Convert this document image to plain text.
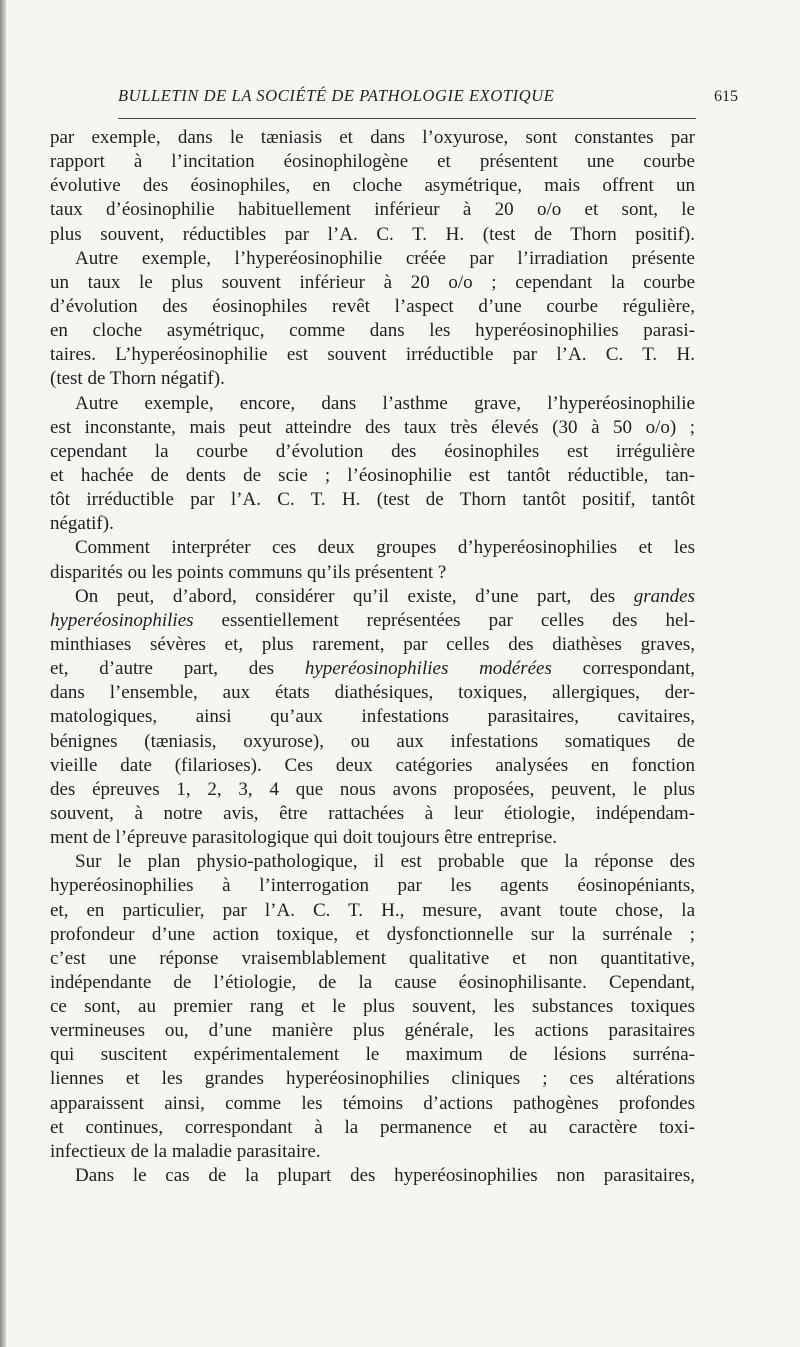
BULLETIN DE LA SOCIÉTÉ DE PATHOLOGIE EXOTIQUE	615
par exemple, dans le tæniasis et dans l’oxyurose, sont constantes par
rapport à l’incitation éosinophilogène et présentent une courbe
évolutive des éosinophiles, en cloche asymétrique, mais offrent un
taux d’éosinophilie habituellement inférieur à 20 o/o et sont, le
plus souvent, réductibles par l’A. C. T. H. (test de Thorn positif).
Autre exemple, l’hyperéosinophilie créée par l’irradiation présente
un taux le plus souvent inférieur à 20 o/o ; cependant la courbe
d’évolution des éosinophiles revêt l’aspect d’une courbe régulière,
en cloche asymétriquc, comme dans les hyperéosinophilies parasi-
taires. L’hyperéosinophilie est souvent irréductible par l’A. C. T. H.
(test de Thorn négatif).
Autre exemple, encore, dans l’asthme grave, l’hyperéosinophilie
est inconstante, mais peut atteindre des taux très élevés (30 à 50 o/o) ;
cependant la courbe d’évolution des éosinophiles est irrégulière
et hachée de dents de scie ; l’éosinophilie est tantôt réductible, tan-
tôt irréductible par l’A. C. T. H. (test de Thorn tantôt positif, tantôt
négatif).
Comment interpréter ces deux groupes d’hyperéosinophilies et les
disparités ou les points communs qu’ils présentent ?
On peut, d’abord, considérer qu’il existe, d’une part, des grandes
hyperéosinophilies essentiellement représentées par celles des hel-
minthiases sévères et, plus rarement, par celles des diathèses graves,
et, d’autre part, des hyperéosinophilies modérées correspondant,
dans l’ensemble, aux états diathésiques, toxiques, allergiques, der-
matologiques, ainsi qu’aux infestations parasitaires, cavitaires,
bénignes (tæniasis, oxyurose), ou aux infestations somatiques de
vieille date (filarioses). Ces deux catégories analysées en fonction
des épreuves 1, 2, 3, 4 que nous avons proposées, peuvent, le plus
souvent, à notre avis, être rattachées à leur étiologie, indépendam-
ment de l’épreuve parasitologique qui doit toujours être entreprise.
Sur le plan physio-pathologique, il est probable que la réponse des
hyperéosinophilies à l’interrogation par les agents éosinopéniants,
et, en particulier, par l’A. C. T. H., mesure, avant toute chose, la
profondeur d’une action toxique, et dysfonctionnelle sur la surrénale ;
c’est une réponse vraisemblablement qualitative et non quantitative,
indépendante de l’étiologie, de la cause éosinophilisante. Cependant,
ce sont, au premier rang et le plus souvent, les substances toxiques
vermineuses ou, d’une manière plus générale, les actions parasitaires
qui suscitent expérimentalement le maximum de lésions surréna-
liennes et les grandes hyperéosinophilies cliniques ; ces altérations
apparaissent ainsi, comme les témoins d’actions pathogènes profondes
et continues, correspondant à la permanence et au caractère toxi-
infectieux de la maladie parasitaire.
Dans le cas de la plupart des hyperéosinophilies non parasitaires,
